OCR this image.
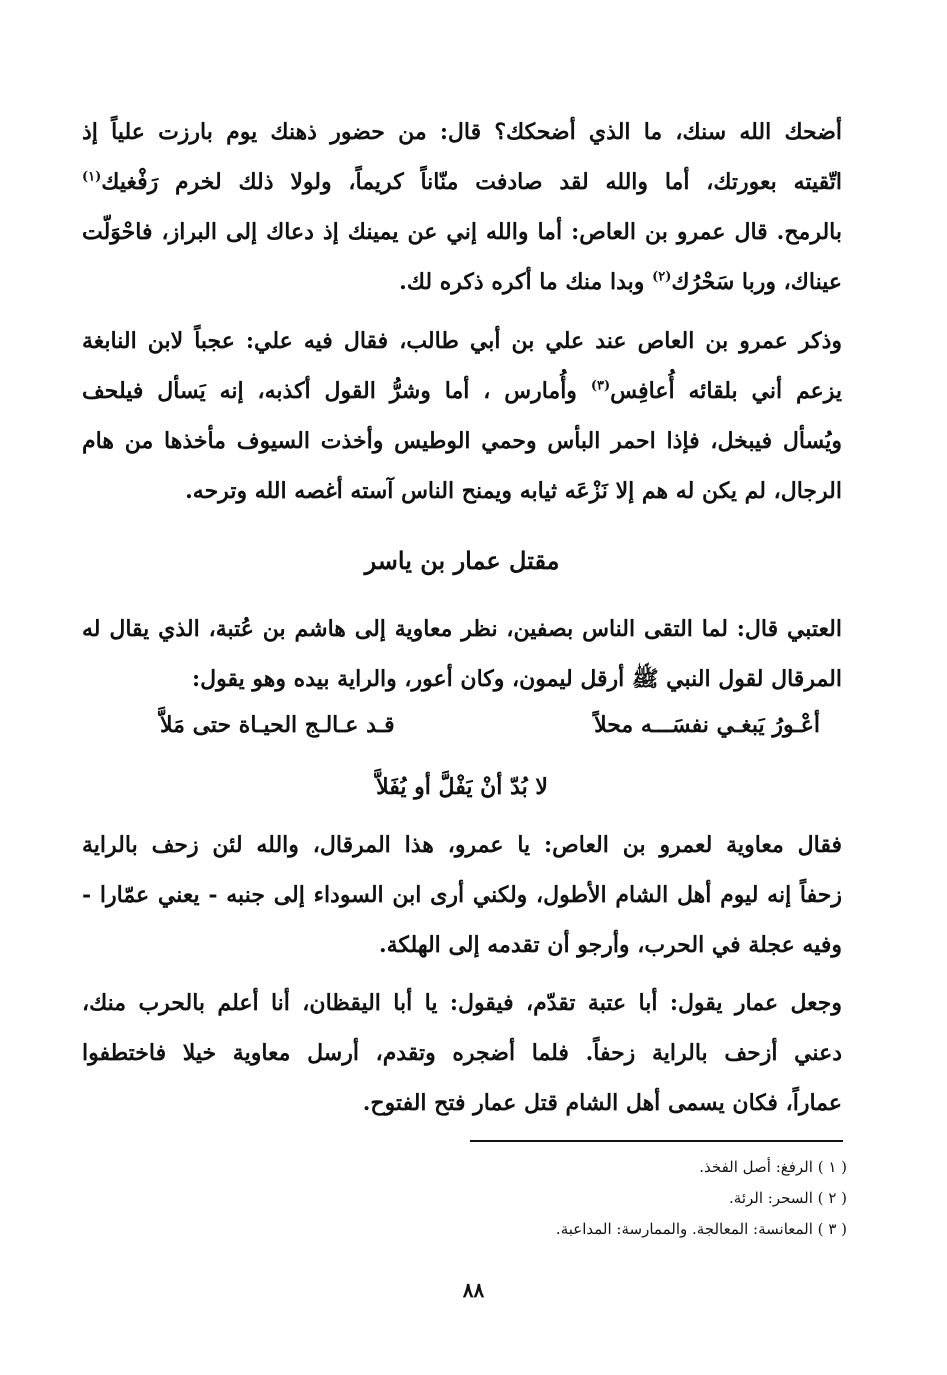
أضحك الله سنك، ما الذي أضحكك؟ قال: من حضور ذهنك يوم بارزت علياً إذ
اتّقيته بعورتك، أما والله لقد صادفت منّاناً كريماً، ولولا ذلك لخرم رَفْغيك$^{(١)}$
بالرمح. قال عمرو بن العاص: أما والله إني عن يمينك إذ دعاك إلى البراز، فاحْوَلّت
عيناك، وربا سَحْرُك$^{(٢)}$ وبدا منك ما أكره ذكره لك.
وذكر عمرو بن العاص عند علي بن أبي طالب، فقال فيه علي: عجباً لابن النابغة
يزعم أني بلقائه أُعافِس$^{(٣)}$ وأُمارس ، أما وشرُّ القول أكذبه، إنه يَسأل فيلحف
ويُسأل فيبخل، فإذا احمر البأس وحمي الوطيس وأخذت السيوف مأخذها من هام
الرجال، لم يكن له هم إلا نَزْعَه ثيابه ويمنح الناس آسته أغصه الله وترحه.
مقتل عمار بن ياسر
العتبي قال: لما التقى الناس بصفين، نظر معاوية إلى هاشم بن عُتبة، الذي يقال له
المرقال لقول النبي ﷺ أرقل ليمون، وكان أعور، والراية بيده وهو يقول:
أعْـورُ يَبغـي نفسَـــه محلاً
قـد عـالـج الحيـاة حتى مَلاَّ
لا بُدّ أنْ يَفْلَّ أو يُفَلاَّ
فقال معاوية لعمرو بن العاص: يا عمرو، هذا المرقال، والله لئن زحف بالراية
زحفاً إنه ليوم أهل الشام الأطول، ولكني أرى ابن السوداء إلى جنبه - يعني عمّارا -
وفيه عجلة في الحرب، وأرجو أن تقدمه إلى الهلكة.
وجعل عمار يقول: أبا عتبة تقدّم، فيقول: يا أبا اليقظان، أنا أعلم بالحرب منك،
دعني أزحف بالراية زحفاً. فلما أضجره وتقدم، أرسل معاوية خيلا فاختطفوا
عماراً، فكان يسمى أهل الشام قتل عمار فتح الفتوح.
( ١ ) الرفغ: أصل الفخذ.
( ٢ ) السحر: الرئة.
( ٣ ) المعانسة: المعالجة. والممارسة: المداعبة.
٨٨
